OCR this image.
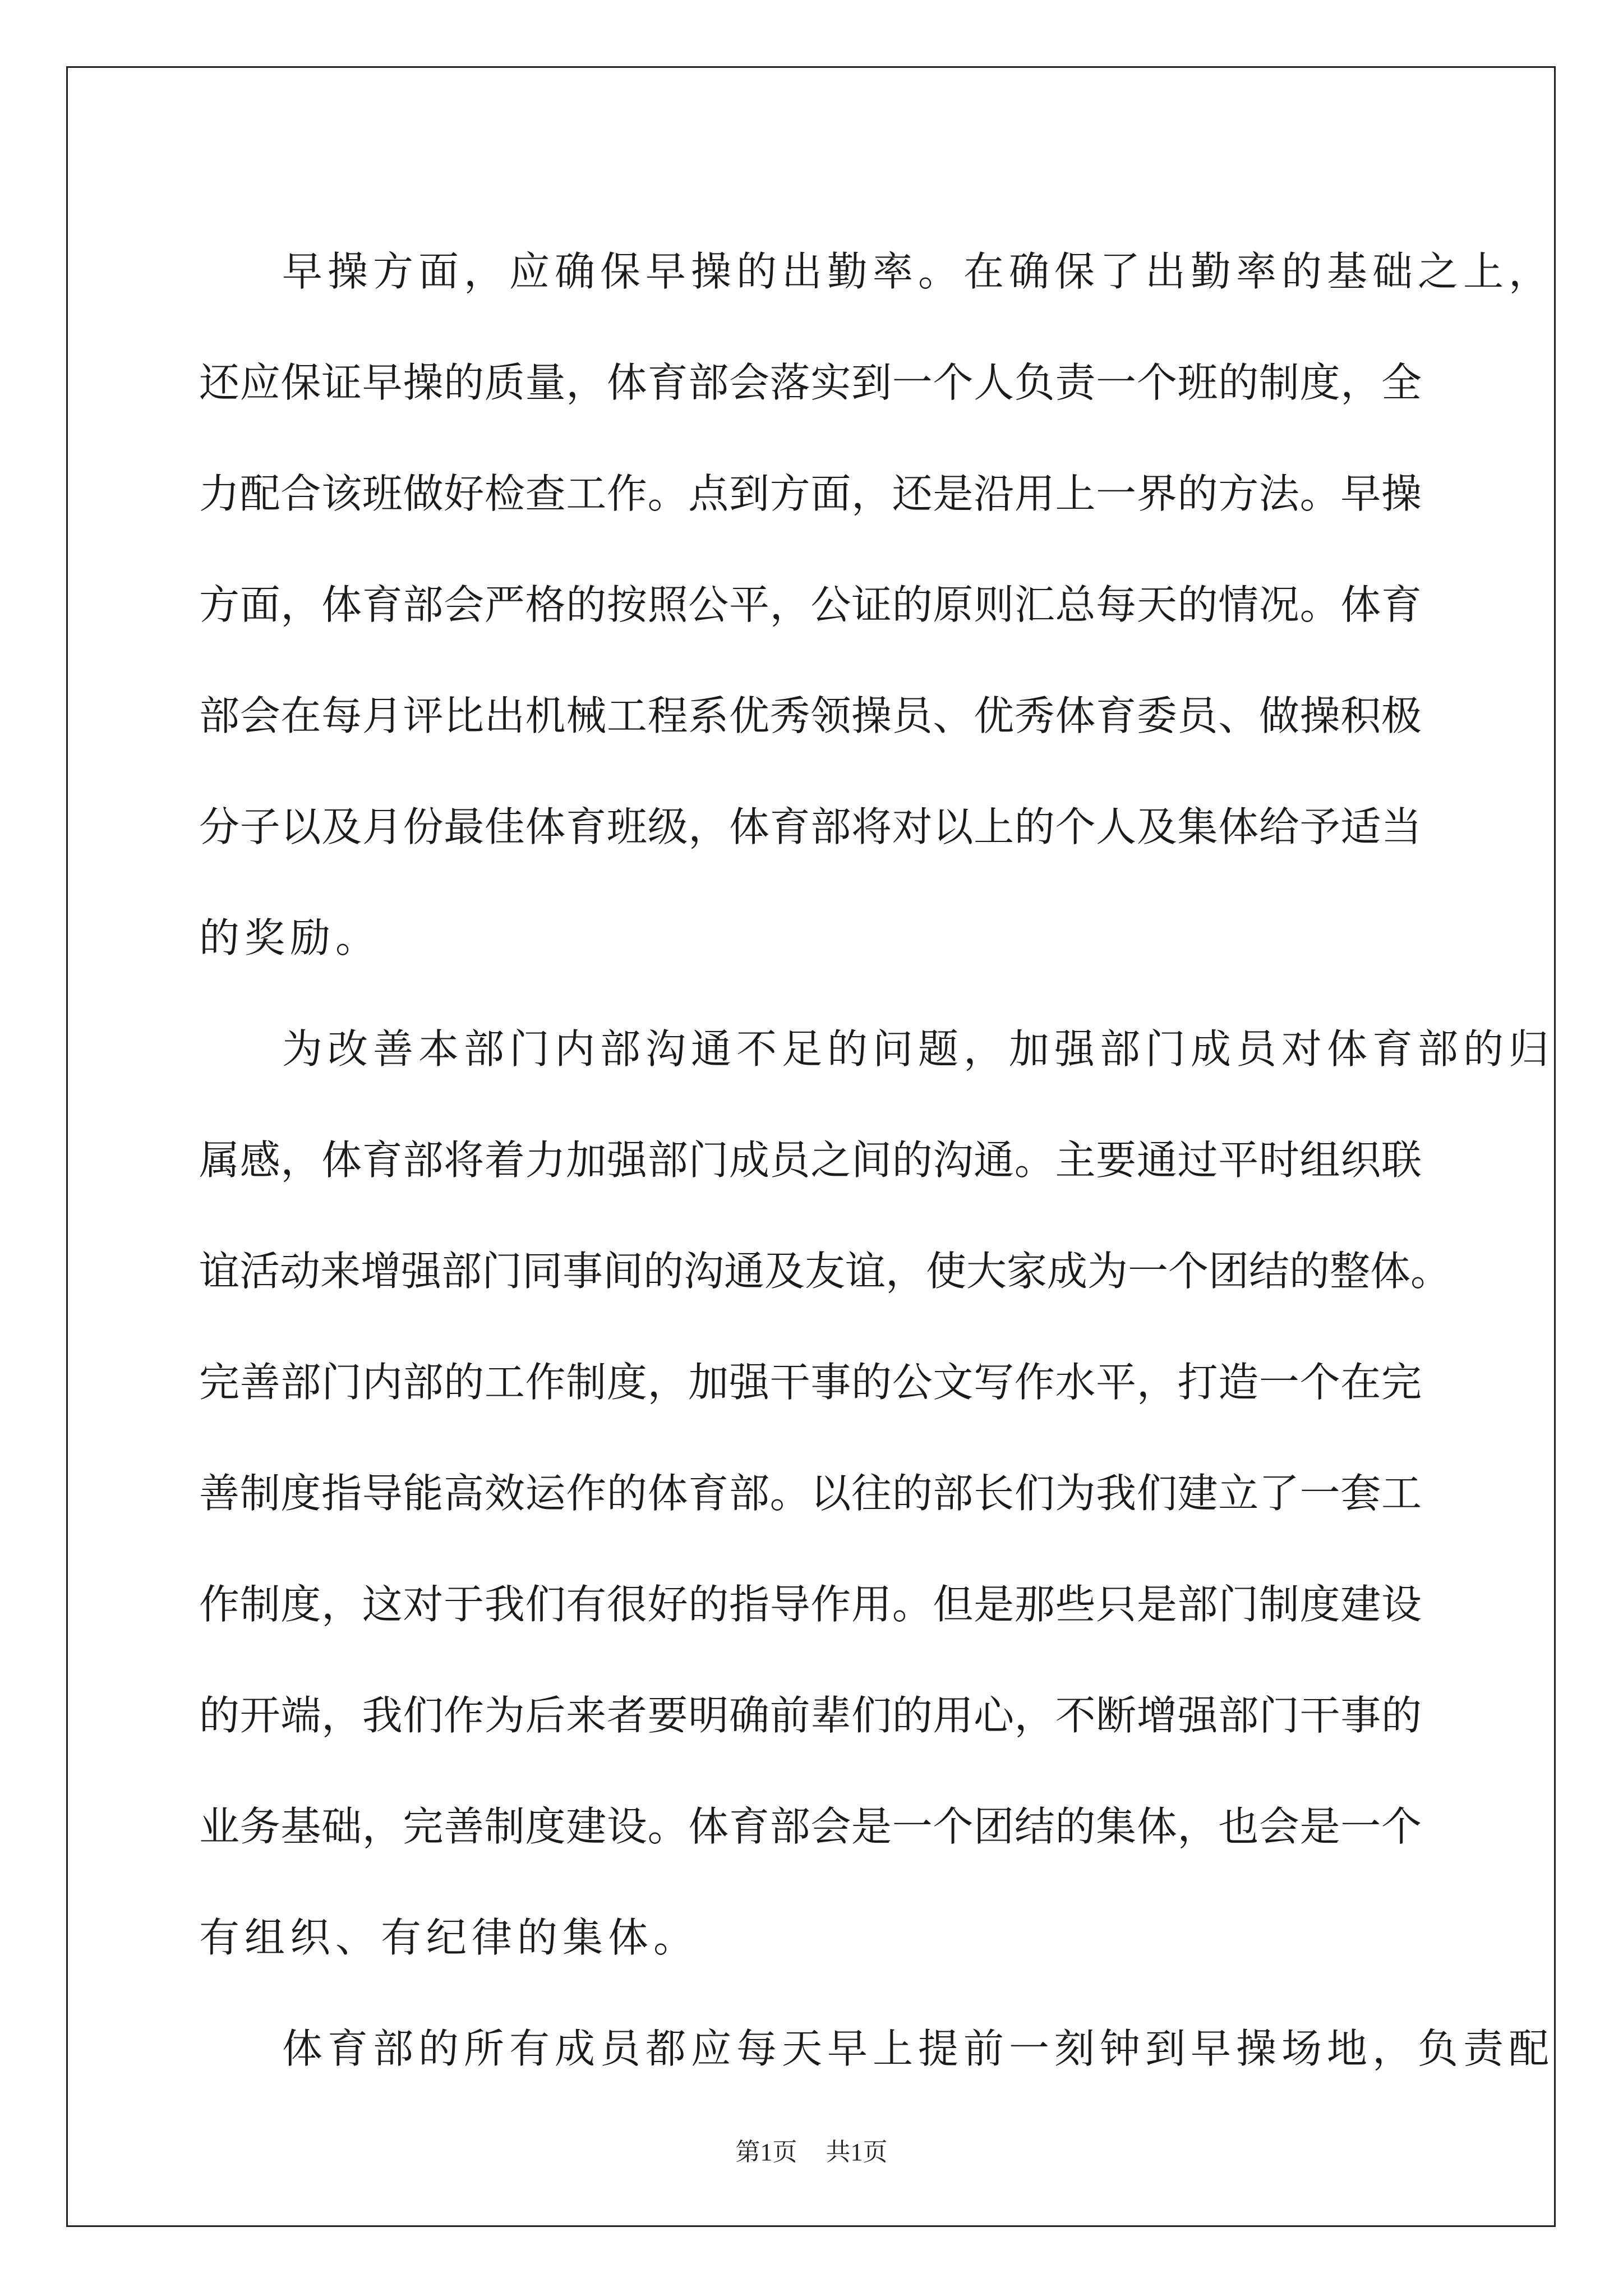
早操方面，应确保早操的出勤率。在确保了出勤率的基础之上，
还应保证早操的质量，体育部会落实到一个人负责一个班的制度，全
力配合该班做好检查工作。点到方面，还是沿用上一界的方法。早操
方面，体育部会严格的按照公平，公证的原则汇总每天的情况。体育
部会在每月评比出机械工程系优秀领操员、优秀体育委员、做操积极
分子以及月份最佳体育班级，体育部将对以上的个人及集体给予适当
的奖励。
为改善本部门内部沟通不足的问题，加强部门成员对体育部的归
属感，体育部将着力加强部门成员之间的沟通。主要通过平时组织联
谊活动来增强部门同事间的沟通及友谊，使大家成为一个团结的整体。
完善部门内部的工作制度，加强干事的公文写作水平，打造一个在完
善制度指导能高效运作的体育部。以往的部长们为我们建立了一套工
作制度，这对于我们有很好的指导作用。但是那些只是部门制度建设
的开端，我们作为后来者要明确前辈们的用心，不断增强部门干事的
业务基础，完善制度建设。体育部会是一个团结的集体，也会是一个
有组织、有纪律的集体。
体育部的所有成员都应每天早上提前一刻钟到早操场地，负责配
第1页 共1页
